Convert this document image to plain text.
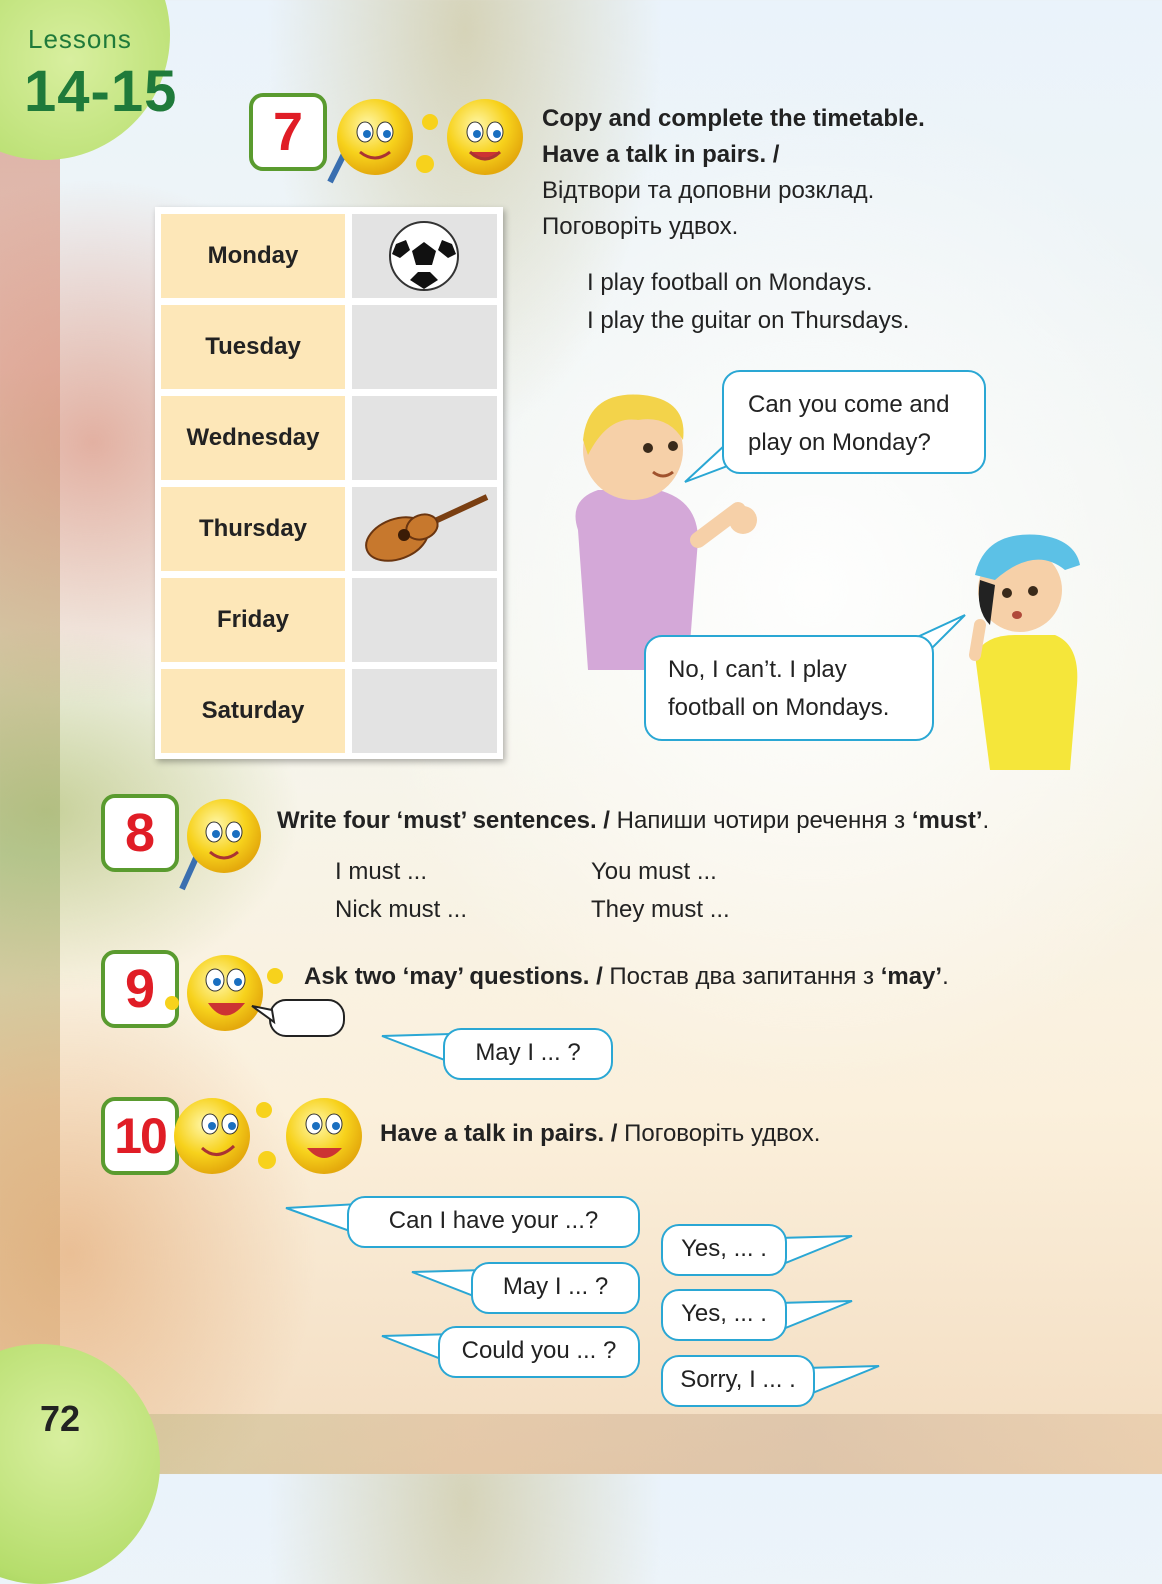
Lessons
14-15
7	Copy and complete the timetable.
Have a talk in pairs. /
Відтвори та доповни розклад.
Поговоріть удвох.
I play football on Mondays.
I play the guitar on Thursdays.
Monday
Tuesday
Wednesday
Thursday
Friday
Saturday
Can you come and
play on Monday?
No, I can’t. I play
football on Mondays.
8	Write four ‘must’ sentences. / Напиши чотири речення з ‘must’.
I must ...	You must ...
Nick must ...	They must ...
9	Ask two ‘may’ questions. / Постав два запитання з ‘may’.
May I ... ?
10	Have a talk in pairs. / Поговоріть удвох.
Can I have your ...?
May I ... ?
Could you ... ?
Yes, ... .
Yes, ... .
Sorry, I ... .
72
